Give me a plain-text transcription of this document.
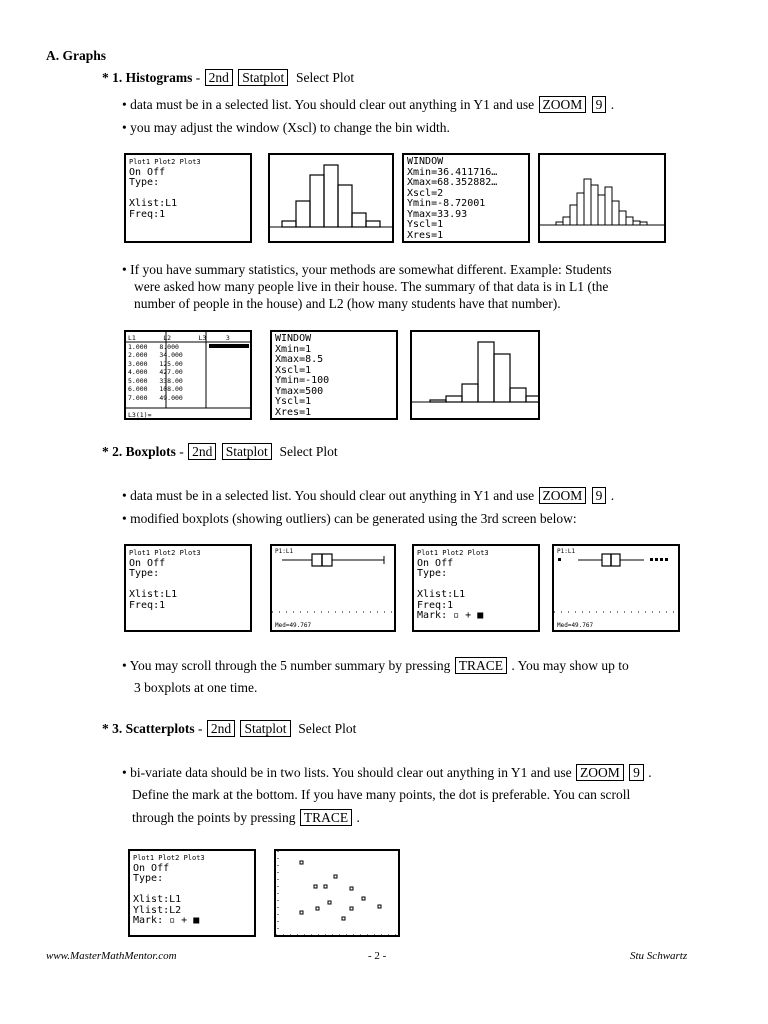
A. Graphs
* 1. Histograms - 2nd Statplot Select Plot
• data must be in a selected list. You should clear out anything in Y1 and use ZOOM 9 .
• you may adjust the window (Xscl) to change the bin width.
Plot1 Plot2 Plot3
On Off
Type:

Xlist:L1
Freq:1
WINDOW
Xmin=36.411716…
Xmax=68.352882…
Xscl=2
Ymin=-8.72001
Ymax=33.93
Yscl=1
Xres=1
• If you have summary statistics, your methods are somewhat different. Example: Students
were asked how many people live in their house. The summary of that data is in L1 (the
number of people in the house) and L2 (how many students have that number).
L1	L2	L3	3
1.000 8.000
2.000 34.000
3.000 125.00
4.000 427.00
5.000 338.00
6.000 108.00
7.000 49.000

L3(1)=
WINDOW
Xmin=1
Xmax=8.5
Xscl=1
Ymin=-100
Ymax=500
Yscl=1
Xres=1
* 2. Boxplots - 2nd Statplot Select Plot
• data must be in a selected list. You should clear out anything in Y1 and use ZOOM 9 .
• modified boxplots (showing outliers) can be generated using the 3rd screen below:
Plot1 Plot2 Plot3
On Off
Type:

Xlist:L1
Freq:1
P1:L1
Med=49.767
Plot1 Plot2 Plot3
On Off
Type:

Xlist:L1
Freq:1
Mark: ▫ + ■
P1:L1
Med=49.767
• You may scroll through the 5 number summary by pressing TRACE . You may show up to
3 boxplots at one time.
* 3. Scatterplots - 2nd Statplot Select Plot
• bi-variate data should be in two lists. You should clear out anything in Y1 and use ZOOM 9 .
Define the mark at the bottom. If you have many points, the dot is preferable. You can scroll
through the points by pressing TRACE .
Plot1 Plot2 Plot3
On Off
Type:

Xlist:L1
Ylist:L2
Mark: ▫ + ■
www.MasterMathMentor.com	- 2 -	Stu Schwartz
